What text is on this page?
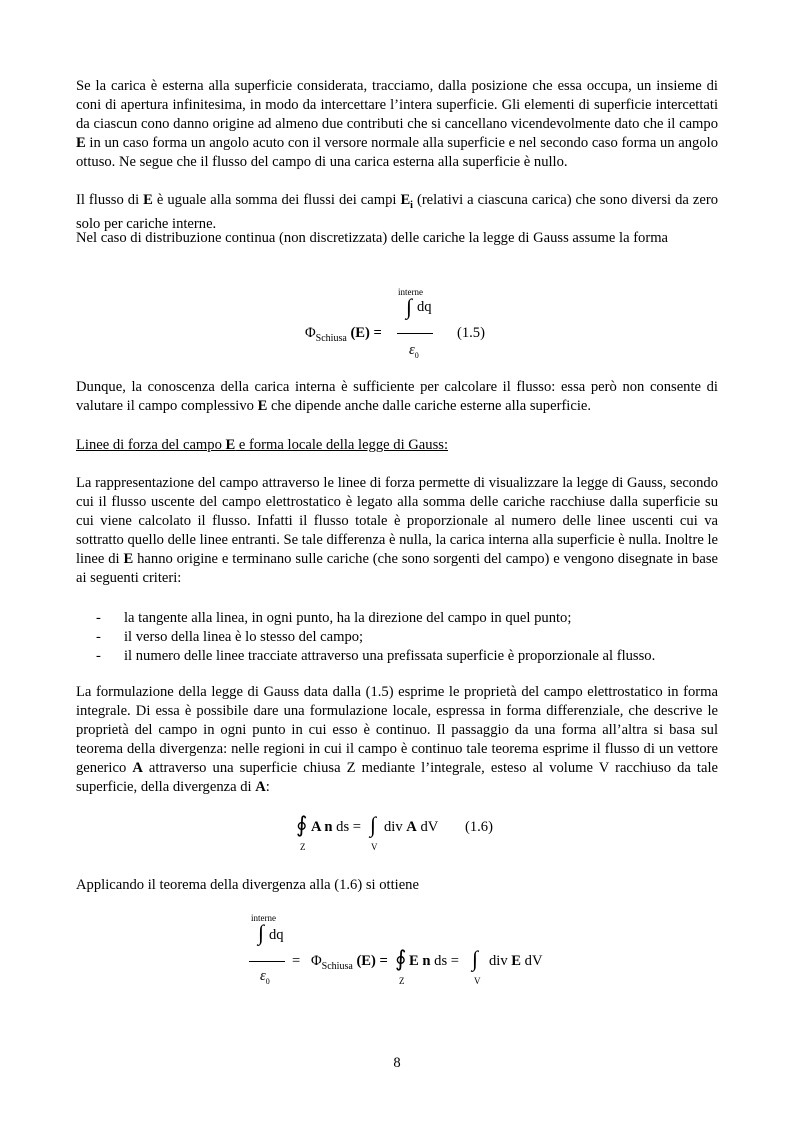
Se la carica è esterna alla superficie considerata, tracciamo, dalla posizione che essa occupa, un insieme di coni di apertura infinitesima, in modo da intercettare l’intera superficie. Gli elementi di superficie intercettati da ciascun cono danno origine ad almeno due contributi che si cancellano vicendevolmente dato che il campo E in un caso forma un angolo acuto con il versore normale alla superficie e nel secondo caso forma un angolo ottuso. Ne segue che il flusso del campo di una carica esterna alla superficie è nullo.

Il flusso di E è uguale alla somma dei flussi dei campi $E_i$ (relativi a ciascuna carica) che sono diversi da zero solo per cariche interne.

Nel caso di distribuzione continua (non discretizzata) delle cariche la legge di Gauss assume la forma

interne
∫ dq
$\Phi_{Schiusa}$ (E) =
$\varepsilon_0$
(1.5)

Dunque, la conoscenza della carica interna è sufficiente per calcolare il flusso: essa però non consente di valutare il campo complessivo E che dipende anche dalle cariche esterne alla superficie.

Linee di forza del campo E e forma locale della legge di Gauss:

La rappresentazione del campo attraverso le linee di forza permette di visualizzare la legge di Gauss, secondo cui il flusso uscente del campo elettrostatico è legato alla somma delle cariche racchiuse dalla superficie su cui viene calcolato il flusso. Infatti il flusso totale è proporzionale al numero delle linee uscenti cui va sottratto quello delle linee entranti. Se tale differenza è nulla, la carica interna alla superficie è nulla. Inoltre le linee di E hanno origine e terminano sulle cariche (che sono sorgenti del campo) e vengono disegnate in base ai seguenti criteri:

- la tangente alla linea, in ogni punto, ha la direzione del campo in quel punto;
- il verso della linea è lo stesso del campo;
- il numero delle linee tracciate attraverso una prefissata superficie è proporzionale al flusso.

La formulazione della legge di Gauss data dalla (1.5) esprime le proprietà del campo elettrostatico in forma integrale. Di essa è possibile dare una formulazione locale, espressa in forma differenziale, che descrive le proprietà del campo in ogni punto in cui esso è continuo. Il passaggio da una forma all’altra si basa sul teorema della divergenza: nelle regioni in cui il campo è continuo tale teorema esprime il flusso di un vettore generico A attraverso una superficie chiusa Z mediante l’integrale, esteso al volume V racchiuso da tale superficie, della divergenza di A:

∮
Z
A n ds = ∫
V
div A dV (1.6)

Applicando il teorema della divergenza alla (1.6) si ottiene

interne
∫ dq
$\varepsilon_0$
= $\Phi_{Schiusa}$ (E) = ∮
Z
E n ds = ∫
V
div E dV
8
